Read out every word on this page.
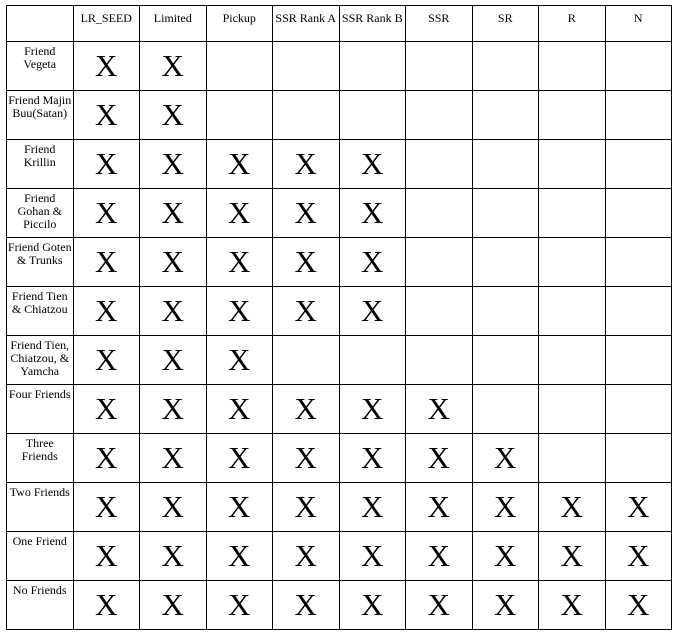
	LR_SEED	Limited	Pickup	SSR Rank A	SSR Rank B	SSR	SR	R	N

Friend Vegeta	X	X							

Friend Majin Buu(Satan)	X	X							

Friend Krillin	X	X	X	X	X				

Friend Gohan & Piccilo	X	X	X	X	X				

Friend Goten & Trunks	X	X	X	X	X				

Friend Tien & Chiatzou	X	X	X	X	X				

Friend Tien, Chiatzou, & Yamcha	X	X	X						

Four Friends	X	X	X	X	X	X			

Three Friends	X	X	X	X	X	X	X		

Two Friends	X	X	X	X	X	X	X	X	X

One Friend	X	X	X	X	X	X	X	X	X

No Friends	X	X	X	X	X	X	X	X	X
